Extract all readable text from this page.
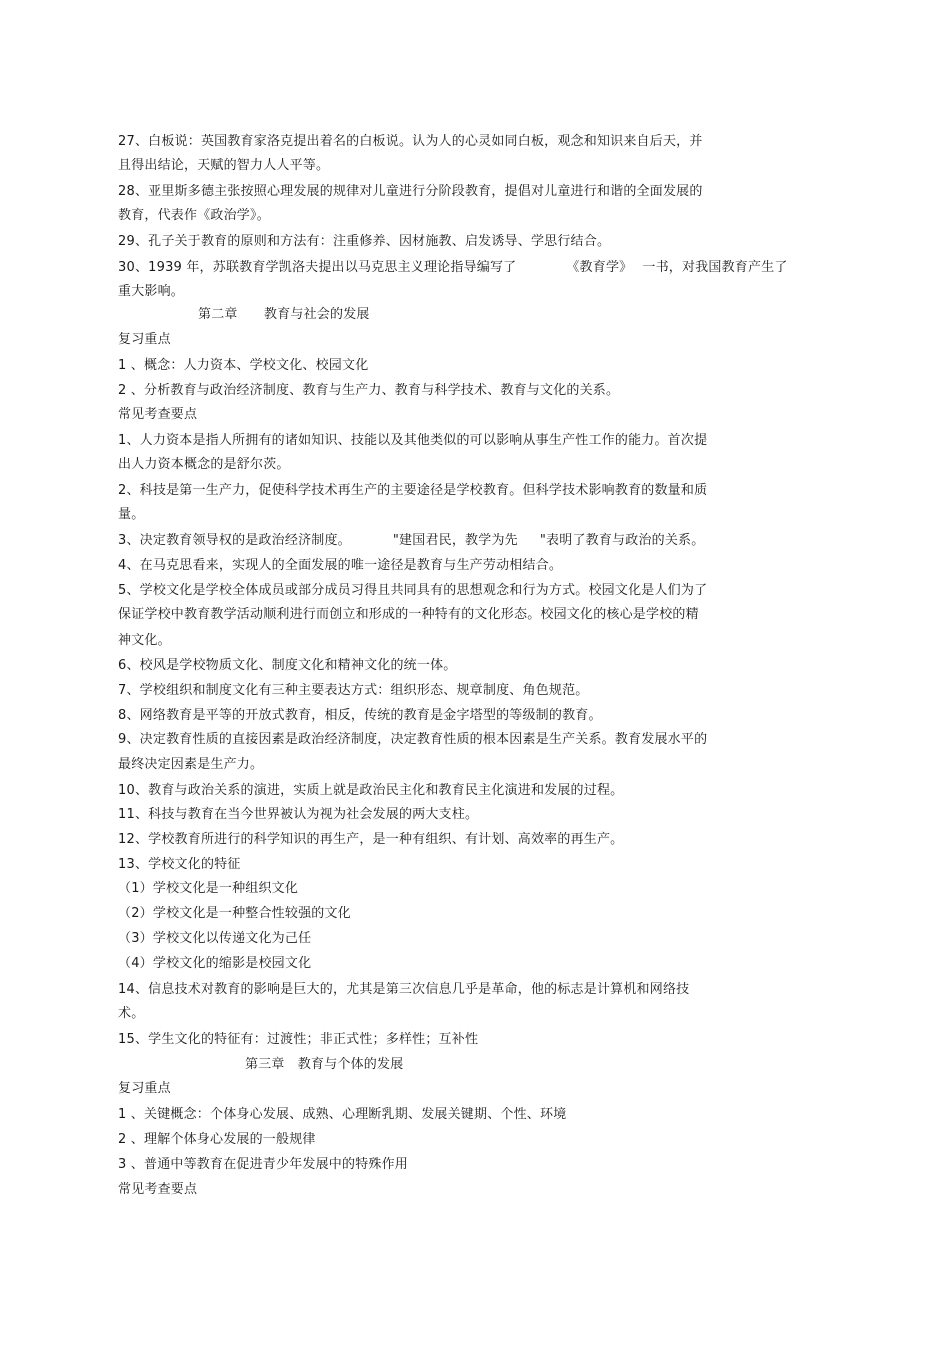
27、白板说：英国教育家洛克提出着名的白板说。认为人的心灵如同白板，观念和知识来自后天，并
且得出结论，天赋的智力人人平等。
28、亚里斯多德主张按照心理发展的规律对儿童进行分阶段教育，提倡对儿童进行和谐的全面发展的
教育，代表作《政治学》。
29、孔子关于教育的原则和方法有：注重修养、因材施教、启发诱导、学思行结合。
30、1939 年，苏联教育学凯洛夫提出以马克思主义理论指导编写了	《教育学》 一书，对我国教育产生了
重大影响。
第二章　　教育与社会的发展
复习重点
1 、概念：人力资本、学校文化、校园文化
2 、分析教育与政治经济制度、教育与生产力、教育与科学技术、教育与文化的关系。
常见考查要点
1、人力资本是指人所拥有的诸如知识、技能以及其他类似的可以影响从事生产性工作的能力。首次提
出人力资本概念的是舒尔茨。
2、科技是第一生产力，促使科学技术再生产的主要途径是学校教育。但科学技术影响教育的数量和质
量。
3、决定教育领导权的是政治经济制度。	"建国君民，教学为先 "表明了教育与政治的关系。
4、在马克思看来，实现人的全面发展的唯一途径是教育与生产劳动相结合。
5、学校文化是学校全体成员或部分成员习得且共同具有的思想观念和行为方式。校园文化是人们为了
保证学校中教育教学活动顺利进行而创立和形成的一种特有的文化形态。校园文化的核心是学校的精
神文化。
6、校风是学校物质文化、制度文化和精神文化的统一体。
7、学校组织和制度文化有三种主要表达方式：组织形态、规章制度、角色规范。
8、网络教育是平等的开放式教育，相反，传统的教育是金字塔型的等级制的教育。
9、决定教育性质的直接因素是政治经济制度，决定教育性质的根本因素是生产关系。教育发展水平的
最终决定因素是生产力。
10、教育与政治关系的演进，实质上就是政治民主化和教育民主化演进和发展的过程。
11、科技与教育在当今世界被认为视为社会发展的两大支柱。
12、学校教育所进行的科学知识的再生产，是一种有组织、有计划、高效率的再生产。
13、学校文化的特征
（1）学校文化是一种组织文化
（2）学校文化是一种整合性较强的文化
（3）学校文化以传递文化为己任
（4）学校文化的缩影是校园文化
14、信息技术对教育的影响是巨大的，尤其是第三次信息几乎是革命，他的标志是计算机和网络技
术。
15、学生文化的特征有：过渡性；非正式性；多样性；互补性
第三章　教育与个体的发展
复习重点
1 、关键概念：个体身心发展、成熟、心理断乳期、发展关键期、个性、环境
2 、理解个体身心发展的一般规律
3 、普通中等教育在促进青少年发展中的特殊作用
常见考查要点
